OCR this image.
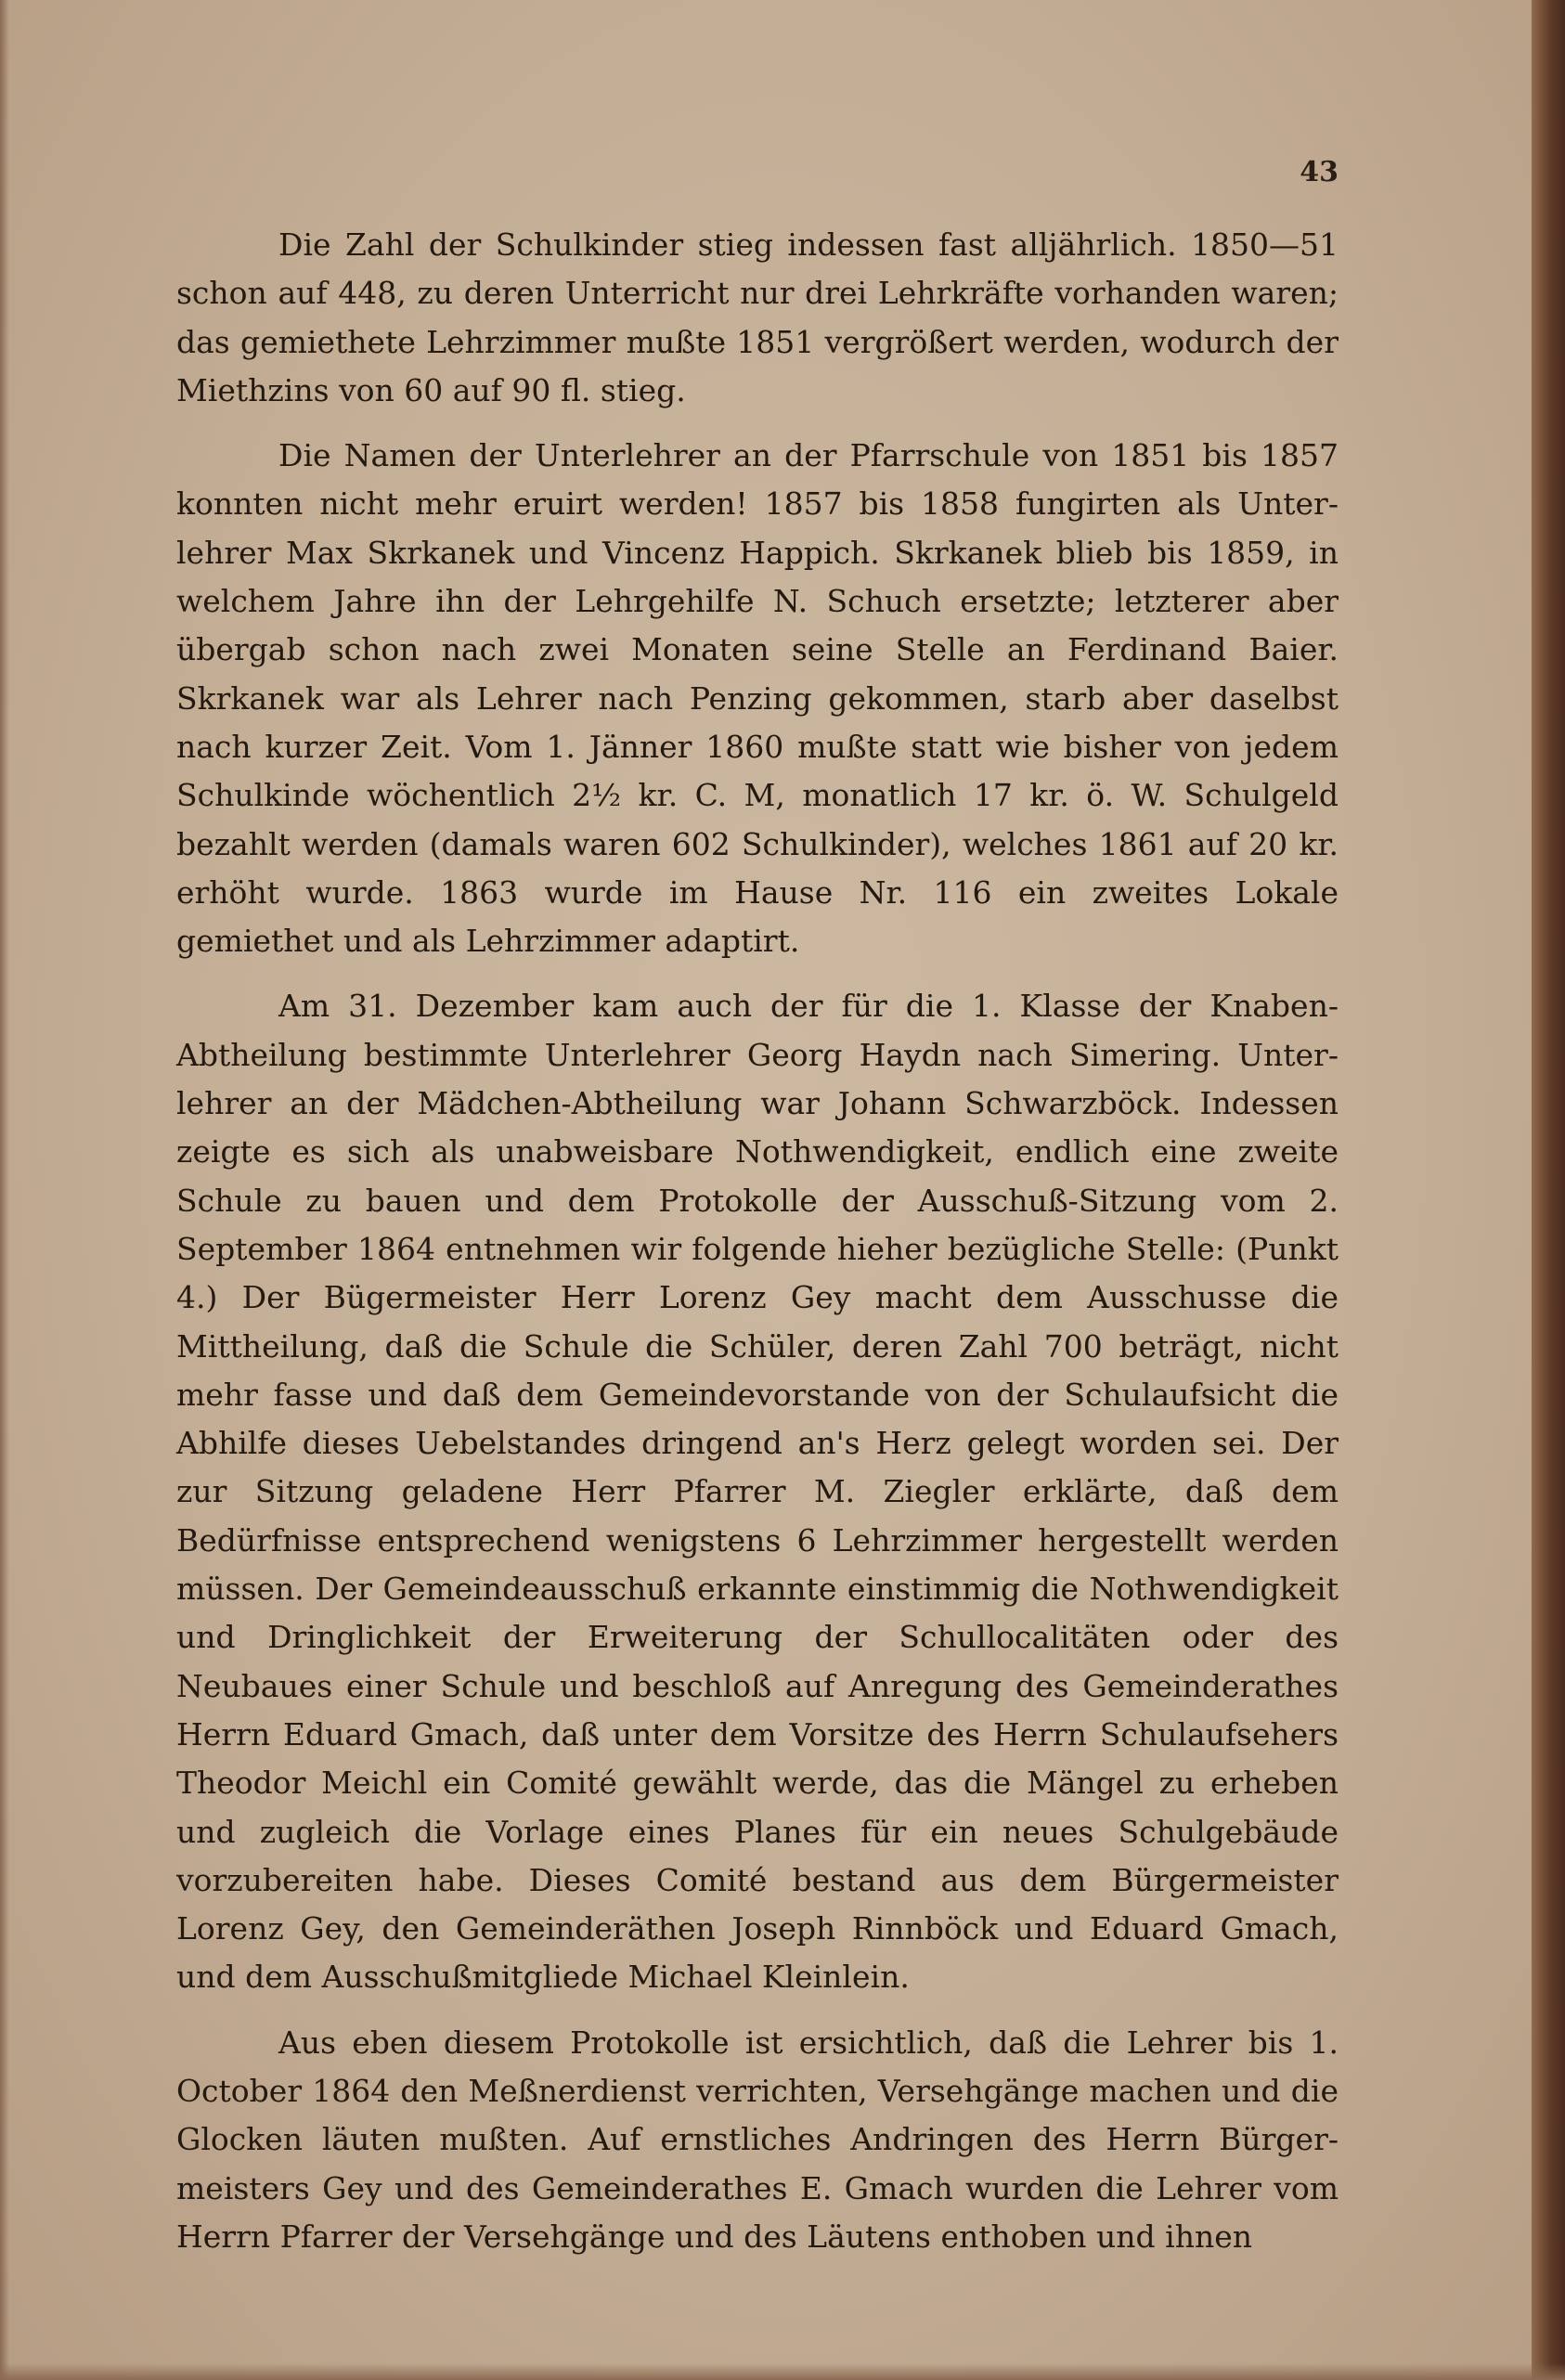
43

Die Zahl der Schulkinder stieg indessen fast alljährlich. 1850—51 schon auf 448, zu deren Unterricht nur drei Lehrkräfte vorhanden waren; das gemiethete Lehrzimmer mußte 1851 vergrößert werden, wodurch der Miethzins von 60 auf 90 fl. stieg.

Die Namen der Unterlehrer an der Pfarrschule von 1851 bis 1857 konnten nicht mehr eruirt werden! 1857 bis 1858 fungirten als Unterlehrer Max Skrkanek und Vincenz Happich. Skrkanek blieb bis 1859, in welchem Jahre ihn der Lehrgehilfe N. Schuch ersetzte; letzterer aber übergab schon nach zwei Monaten seine Stelle an Ferdinand Baier. Skrkanek war als Lehrer nach Penzing gekommen, starb aber daselbst nach kurzer Zeit. Vom 1. Jänner 1860 mußte statt wie bisher von jedem Schulkinde wöchentlich 2½ kr. C. M, monatlich 17 kr. ö. W. Schulgeld bezahlt werden (damals waren 602 Schulkinder), welches 1861 auf 20 kr. erhöht wurde. 1863 wurde im Hause Nr. 116 ein zweites Lokale gemiethet und als Lehrzimmer adaptirt.

Am 31. Dezember kam auch der für die 1. Klasse der KnabenAbtheilung bestimmte Unterlehrer Georg Haydn nach Simering. Unterlehrer an der Mädchen-Abtheilung war Johann Schwarzböck. Indessen zeigte es sich als unabweisbare Nothwendigkeit, endlich eine zweite Schule zu bauen und dem Protokolle der Ausschuß-Sitzung vom 2. September 1864 entnehmen wir folgende hieher bezügliche Stelle: (Punkt 4.) Der Bügermeister Herr Lorenz Gey macht dem Ausschusse die Mittheilung, daß die Schule die Schüler, deren Zahl 700 beträgt, nicht mehr fasse und daß dem Gemeindevorstande von der Schulaufsicht die Abhilfe dieses Uebelstandes dringend an's Herz gelegt worden sei. Der zur Sitzung geladene Herr Pfarrer M. Ziegler erklärte, daß dem Bedürfnisse entsprechend wenigstens 6 Lehrzimmer hergestellt werden müssen. Der Gemeindeausschuß erkannte einstimmig die Nothwendigkeit und Dringlichkeit der Erweiterung der Schullocalitäten oder des Neubaues einer Schule und beschloß auf Anregung des Gemeinderathes Herrn Eduard Gmach, daß unter dem Vorsitze des Herrn Schulaufsehers Theodor Meichl ein Comité gewählt werde, das die Mängel zu erheben und zugleich die Vorlage eines Planes für ein neues Schulgebäude vorzubereiten habe. Dieses Comité bestand aus dem Bürgermeister Lorenz Gey, den Gemeinderäthen Joseph Rinnböck und Eduard Gmach, und dem Ausschußmitgliede Michael Kleinlein.

Aus eben diesem Protokolle ist ersichtlich, daß die Lehrer bis 1. October 1864 den Meßnerdienst verrichten, Versehgänge machen und die Glocken läuten mußten. Auf ernstliches Andringen des Herrn Bürgermeisters Gey und des Gemeinderathes E. Gmach wurden die Lehrer vom Herrn Pfarrer der Versehgänge und des Läutens enthoben und ihnen
